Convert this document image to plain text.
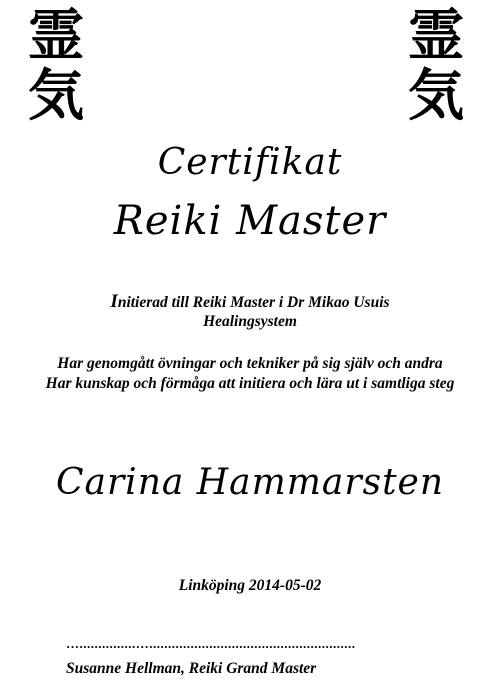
霊
気
霊
気
Certifikat
Reiki Master
Initierad till Reiki Master i Dr Mikao Usuis
Healingsystem
Har genomgått övningar och tekniker på sig själv och andra
Har kunskap och förmåga att initiera och lära ut i samtliga steg
Carina Hammarsten
Linköping 2014-05-02
…...............….......................................................
Susanne Hellman, Reiki Grand Master
